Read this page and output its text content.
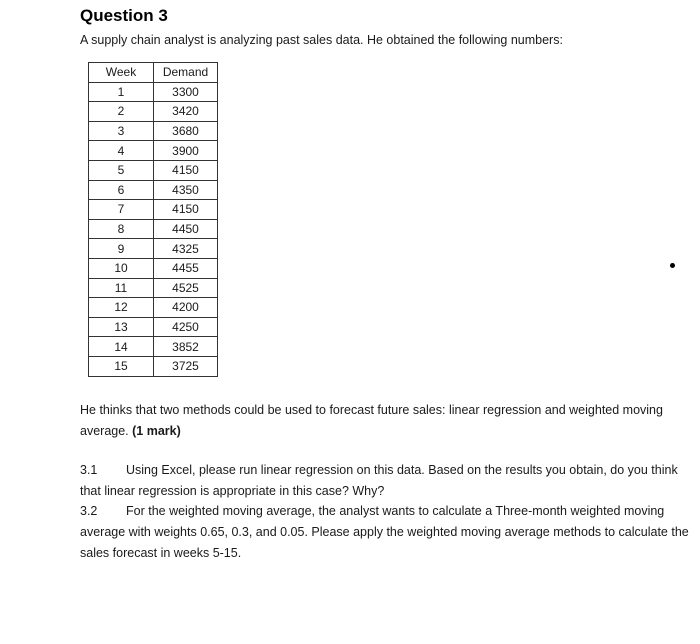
Question 3
A supply chain analyst is analyzing past sales data. He obtained the following numbers:
Week	Demand
1	3300
2	3420
3	3680
4	3900
5	4150
6	4350
7	4150
8	4450
9	4325
10	4455
11	4525
12	4200
13	4250
14	3852
15	3725
He thinks that two methods could be used to forecast future sales: linear regression and weighted moving average. (1 mark)
3.1 Using Excel, please run linear regression on this data. Based on the results you obtain, do you think that linear regression is appropriate in this case? Why?
3.2 For the weighted moving average, the analyst wants to calculate a Three-month weighted moving average with weights 0.65, 0.3, and 0.05. Please apply the weighted moving average methods to calculate the sales forecast in weeks 5-15.
